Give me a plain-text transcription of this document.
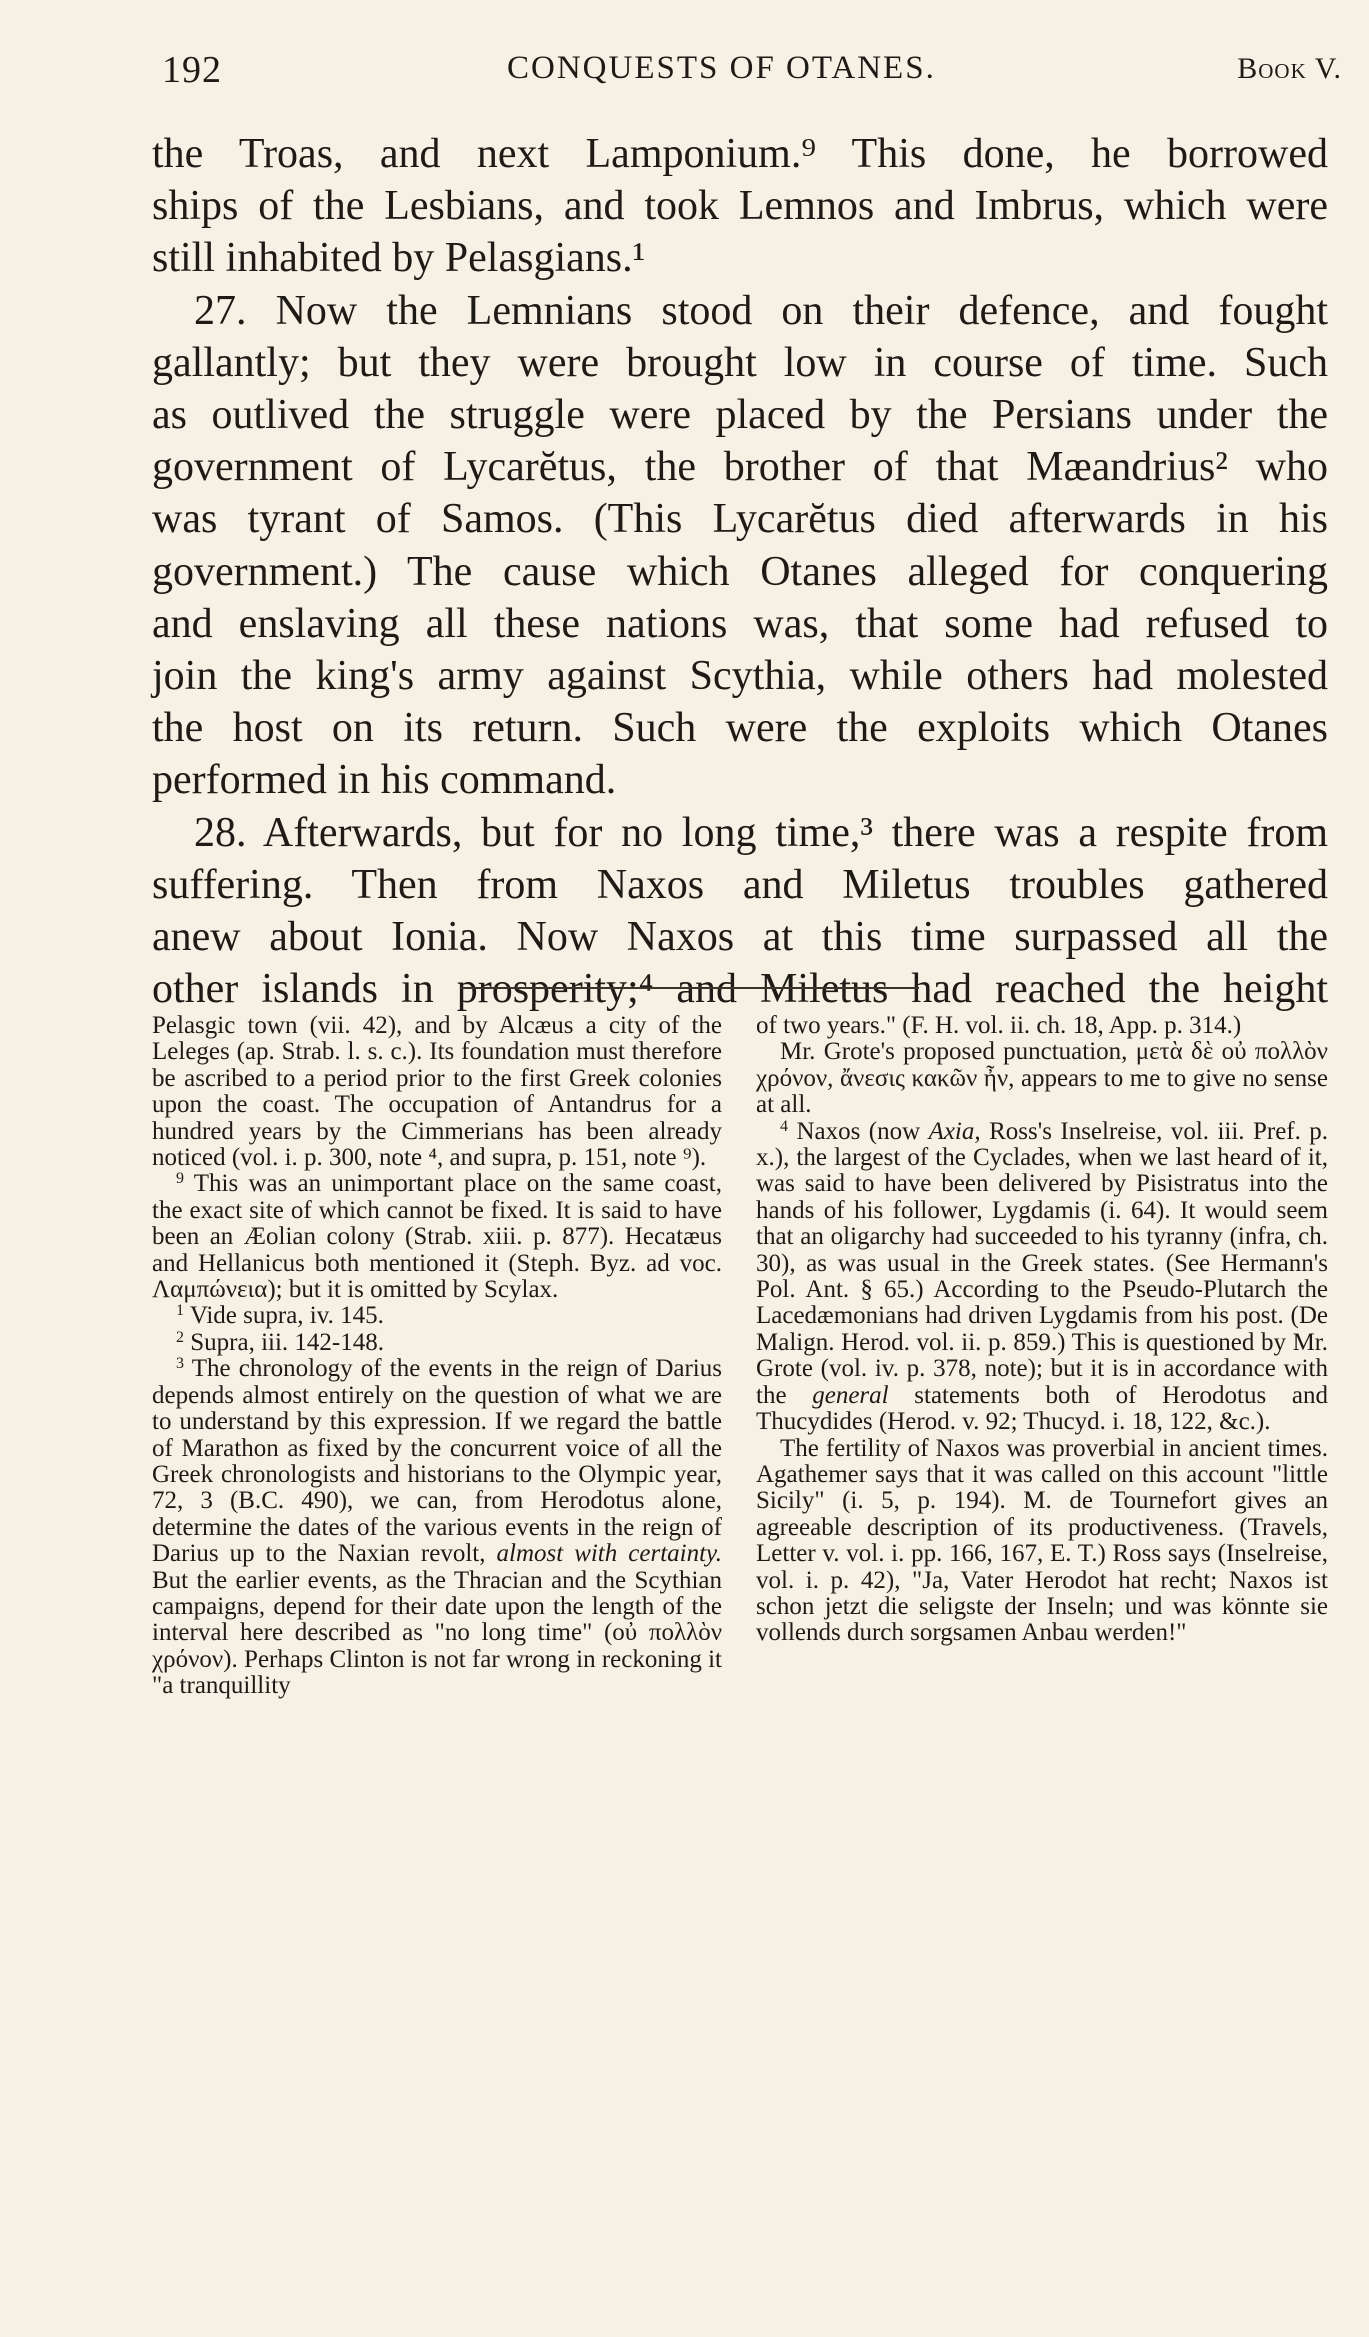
192	CONQUESTS OF OTANES.	Book V.

the Troas, and next Lamponium.⁹ This done, he borrowed

ships of the Lesbians, and took Lemnos and Imbrus, which were

still inhabited by Pelasgians.¹

27. Now the Lemnians stood on their defence, and fought

gallantly; but they were brought low in course of time. Such

as outlived the struggle were placed by the Persians under the

government of Lycarĕtus, the brother of that Mæandrius² who

was tyrant of Samos. (This Lycarĕtus died afterwards in his

government.) The cause which Otanes alleged for conquering

and enslaving all these nations was, that some had refused to

join the king's army against Scythia, while others had molested

the host on its return. Such were the exploits which Otanes

performed in his command.

28. Afterwards, but for no long time,³ there was a respite from

suffering. Then from Naxos and Miletus troubles gathered

anew about Ionia. Now Naxos at this time surpassed all the

other islands in prosperity;⁴ and Miletus had reached the height

Pelasgic town (vii. 42), and by Alcæus a city of the Leleges (ap. Strab. l. s. c.). Its foundation must therefore be ascribed to a period prior to the first Greek colonies upon the coast. The occupation of Antandrus for a hundred years by the Cimmerians has been already noticed (vol. i. p. 300, note ⁴, and supra, p. 151, note ⁹).

$^9$ This was an unimportant place on the same coast, the exact site of which cannot be fixed. It is said to have been an Æolian colony (Strab. xiii. p. 877). Hecatæus and Hellanicus both mentioned it (Steph. Byz. ad voc. Λαμπώνεια); but it is omitted by Scylax.

$^1$ Vide supra, iv. 145.

$^2$ Supra, iii. 142-148.

$^3$ The chronology of the events in the reign of Darius depends almost entirely on the question of what we are to understand by this expression. If we regard the battle of Marathon as fixed by the concurrent voice of all the Greek chronologists and historians to the Olympic year, 72, 3 (B.C. 490), we can, from Herodotus alone, determine the dates of the various events in the reign of Darius up to the Naxian revolt, almost with certainty. But the earlier events, as the Thracian and the Scythian campaigns, depend for their date upon the length of the interval here described as "no long time" (οὐ πολλὸν χρόνον). Perhaps Clinton is not far wrong in reckoning it "a tranquillity

of two years." (F. H. vol. ii. ch. 18, App. p. 314.)

Mr. Grote's proposed punctuation, μετὰ δὲ οὐ πολλὸν χρόνον, ἄνεσις κακῶν ἦν, appears to me to give no sense at all.

$^4$ Naxos (now Axia, Ross's Inselreise, vol. iii. Pref. p. x.), the largest of the Cyclades, when we last heard of it, was said to have been delivered by Pisistratus into the hands of his follower, Lygdamis (i. 64). It would seem that an oligarchy had succeeded to his tyranny (infra, ch. 30), as was usual in the Greek states. (See Hermann's Pol. Ant. § 65.) According to the Pseudo-Plutarch the Lacedæmonians had driven Lygdamis from his post. (De Malign. Herod. vol. ii. p. 859.) This is questioned by Mr. Grote (vol. iv. p. 378, note); but it is in accordance with the general statements both of Herodotus and Thucydides (Herod. v. 92; Thucyd. i. 18, 122, &c.).

The fertility of Naxos was proverbial in ancient times. Agathemer says that it was called on this account "little Sicily" (i. 5, p. 194). M. de Tournefort gives an agreeable description of its productiveness. (Travels, Letter v. vol. i. pp. 166, 167, E. T.) Ross says (Inselreise, vol. i. p. 42), "Ja, Vater Herodot hat recht; Naxos ist schon jetzt die seligste der Inseln; und was könnte sie vollends durch sorgsamen Anbau werden!"
